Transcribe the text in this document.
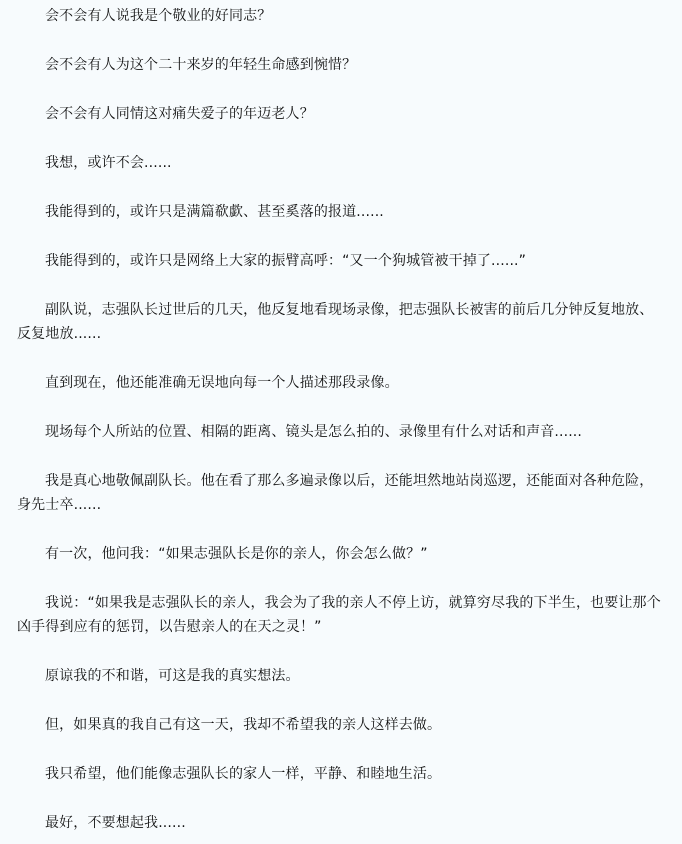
会不会有人说我是个敬业的好同志？

会不会有人为这个二十来岁的年轻生命感到惋惜？

会不会有人同情这对痛失爱子的年迈老人？

我想，或许不会......

我能得到的，或许只是满篇欷歔、甚至奚落的报道......

我能得到的，或许只是网络上大家的振臂高呼：“又一个狗城管被干掉了......”

副队说，志强队长过世后的几天，他反复地看现场录像，把志强队长被害的前后几分钟反复地放、反复地放......

直到现在，他还能准确无误地向每一个人描述那段录像。

现场每个人所站的位置、相隔的距离、镜头是怎么拍的、录像里有什么对话和声音......

我是真心地敬佩副队长。他在看了那么多遍录像以后，还能坦然地站岗巡逻，还能面对各种危险，身先士卒......

有一次，他问我：“如果志强队长是你的亲人，你会怎么做？”

我说：“如果我是志强队长的亲人，我会为了我的亲人不停上访，就算穷尽我的下半生，也要让那个凶手得到应有的惩罚，以告慰亲人的在天之灵！”

原谅我的不和谐，可这是我的真实想法。

但，如果真的我自己有这一天，我却不希望我的亲人这样去做。

我只希望，他们能像志强队长的家人一样，平静、和睦地生活。

最好，不要想起我......
